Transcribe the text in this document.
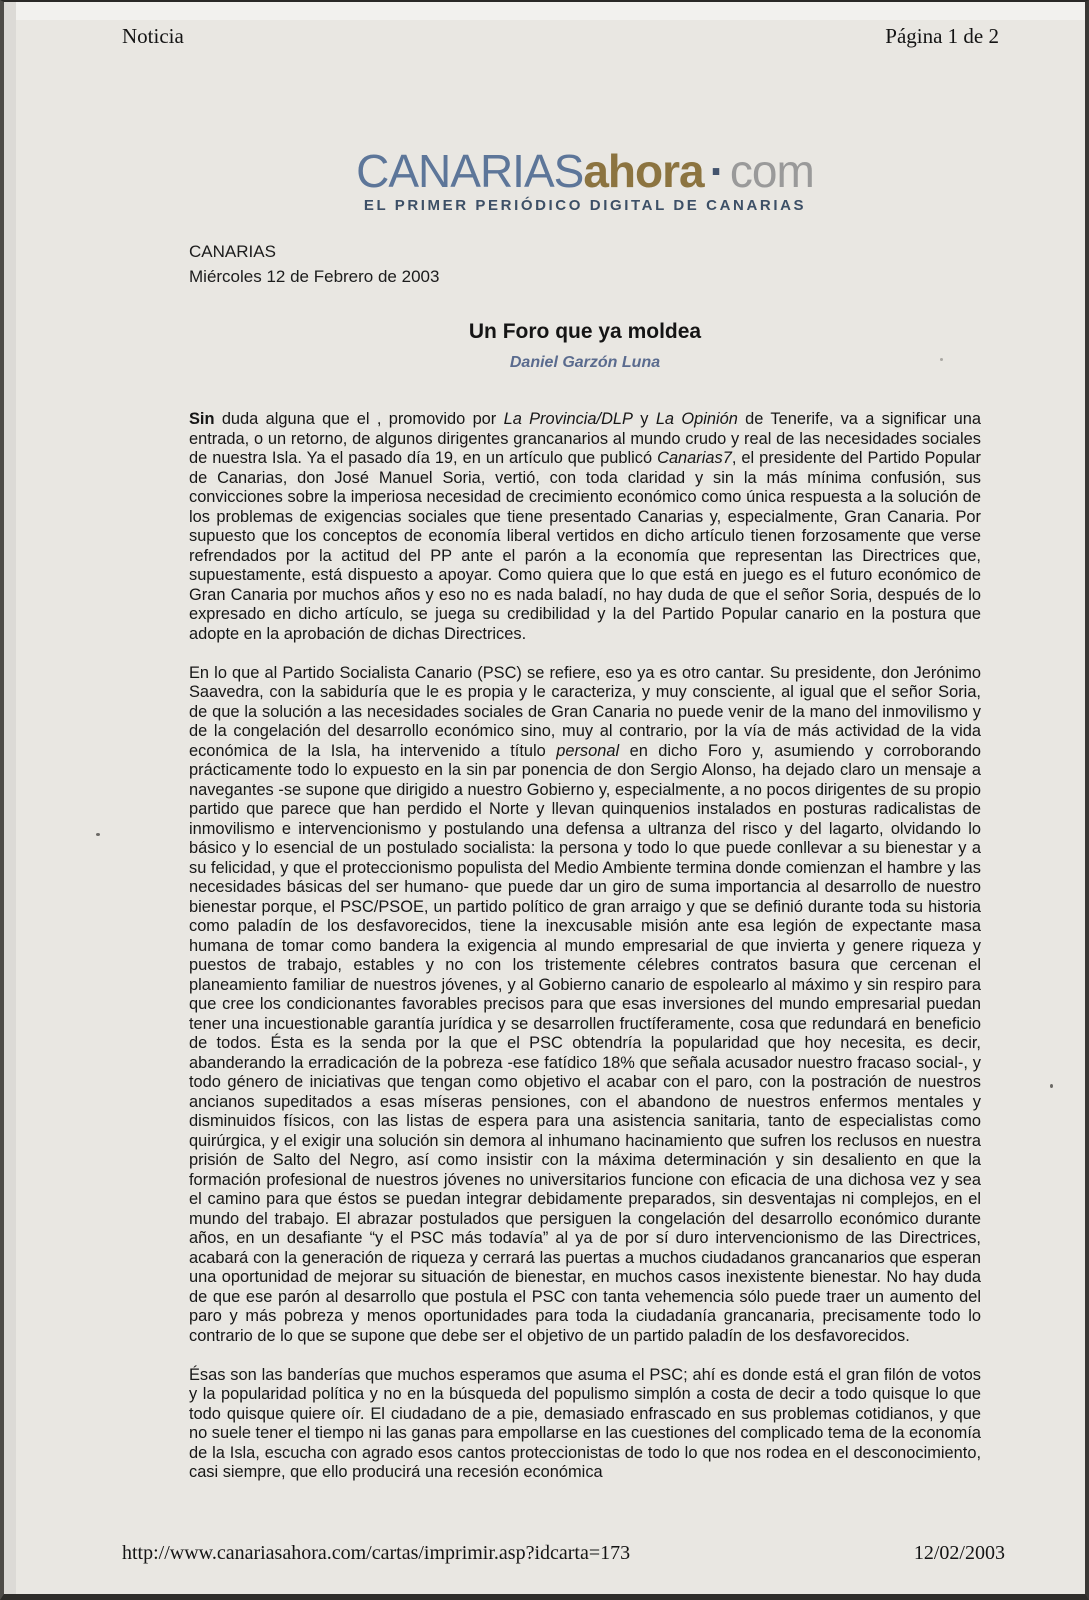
Noticia	Página 1 de 2
CANARIASahora · com
EL PRIMER PERIÓDICO DIGITAL DE CANARIAS
CANARIAS
Miércoles 12 de Febrero de 2003
Un Foro que ya moldea
Daniel Garzón Luna

Sin duda alguna que el , promovido por La Provincia/DLP y La Opinión de Tenerife, va a significar una entrada, o un retorno, de algunos dirigentes grancanarios al mundo crudo y real de las necesidades sociales de nuestra Isla. Ya el pasado día 19, en un artículo que publicó Canarias7, el presidente del Partido Popular de Canarias, don José Manuel Soria, vertió, con toda claridad y sin la más mínima confusión, sus convicciones sobre la imperiosa necesidad de crecimiento económico como única respuesta a la solución de los problemas de exigencias sociales que tiene presentado Canarias y, especialmente, Gran Canaria. Por supuesto que los conceptos de economía liberal vertidos en dicho artículo tienen forzosamente que verse refrendados por la actitud del PP ante el parón a la economía que representan las Directrices que, supuestamente, está dispuesto a apoyar. Como quiera que lo que está en juego es el futuro económico de Gran Canaria por muchos años y eso no es nada baladí, no hay duda de que el señor Soria, después de lo expresado en dicho artículo, se juega su credibilidad y la del Partido Popular canario en la postura que adopte en la aprobación de dichas Directrices.

En lo que al Partido Socialista Canario (PSC) se refiere, eso ya es otro cantar. Su presidente, don Jerónimo Saavedra, con la sabiduría que le es propia y le caracteriza, y muy consciente, al igual que el señor Soria, de que la solución a las necesidades sociales de Gran Canaria no puede venir de la mano del inmovilismo y de la congelación del desarrollo económico sino, muy al contrario, por la vía de más actividad de la vida económica de la Isla, ha intervenido a título personal en dicho Foro y, asumiendo y corroborando prácticamente todo lo expuesto en la sin par ponencia de don Sergio Alonso, ha dejado claro un mensaje a navegantes -se supone que dirigido a nuestro Gobierno y, especialmente, a no pocos dirigentes de su propio partido que parece que han perdido el Norte y llevan quinquenios instalados en posturas radicalistas de inmovilismo e intervencionismo y postulando una defensa a ultranza del risco y del lagarto, olvidando lo básico y lo esencial de un postulado socialista: la persona y todo lo que puede conllevar a su bienestar y a su felicidad, y que el proteccionismo populista del Medio Ambiente termina donde comienzan el hambre y las necesidades básicas del ser humano- que puede dar un giro de suma importancia al desarrollo de nuestro bienestar porque, el PSC/PSOE, un partido político de gran arraigo y que se definió durante toda su historia como paladín de los desfavorecidos, tiene la inexcusable misión ante esa legión de expectante masa humana de tomar como bandera la exigencia al mundo empresarial de que invierta y genere riqueza y puestos de trabajo, estables y no con los tristemente célebres contratos basura que cercenan el planeamiento familiar de nuestros jóvenes, y al Gobierno canario de espolearlo al máximo y sin respiro para que cree los condicionantes favorables precisos para que esas inversiones del mundo empresarial puedan tener una incuestionable garantía jurídica y se desarrollen fructíferamente, cosa que redundará en beneficio de todos. Ésta es la senda por la que el PSC obtendría la popularidad que hoy necesita, es decir, abanderando la erradicación de la pobreza -ese fatídico 18% que señala acusador nuestro fracaso social-, y todo género de iniciativas que tengan como objetivo el acabar con el paro, con la postración de nuestros ancianos supeditados a esas míseras pensiones, con el abandono de nuestros enfermos mentales y disminuidos físicos, con las listas de espera para una asistencia sanitaria, tanto de especialistas como quirúrgica, y el exigir una solución sin demora al inhumano hacinamiento que sufren los reclusos en nuestra prisión de Salto del Negro, así como insistir con la máxima determinación y sin desaliento en que la formación profesional de nuestros jóvenes no universitarios funcione con eficacia de una dichosa vez y sea el camino para que éstos se puedan integrar debidamente preparados, sin desventajas ni complejos, en el mundo del trabajo. El abrazar postulados que persiguen la congelación del desarrollo económico durante años, en un desafiante “y el PSC más todavía” al ya de por sí duro intervencionismo de las Directrices, acabará con la generación de riqueza y cerrará las puertas a muchos ciudadanos grancanarios que esperan una oportunidad de mejorar su situación de bienestar, en muchos casos inexistente bienestar. No hay duda de que ese parón al desarrollo que postula el PSC con tanta vehemencia sólo puede traer un aumento del paro y más pobreza y menos oportunidades para toda la ciudadanía grancanaria, precisamente todo lo contrario de lo que se supone que debe ser el objetivo de un partido paladín de los desfavorecidos.

Ésas son las banderías que muchos esperamos que asuma el PSC; ahí es donde está el gran filón de votos y la popularidad política y no en la búsqueda del populismo simplón a costa de decir a todo quisque lo que todo quisque quiere oír. El ciudadano de a pie, demasiado enfrascado en sus problemas cotidianos, y que no suele tener el tiempo ni las ganas para empollarse en las cuestiones del complicado tema de la economía de la Isla, escucha con agrado esos cantos proteccionistas de todo lo que nos rodea en el desconocimiento, casi siempre, que ello producirá una recesión económica

http://www.canariasahora.com/cartas/imprimir.asp?idcarta=173	12/02/2003
